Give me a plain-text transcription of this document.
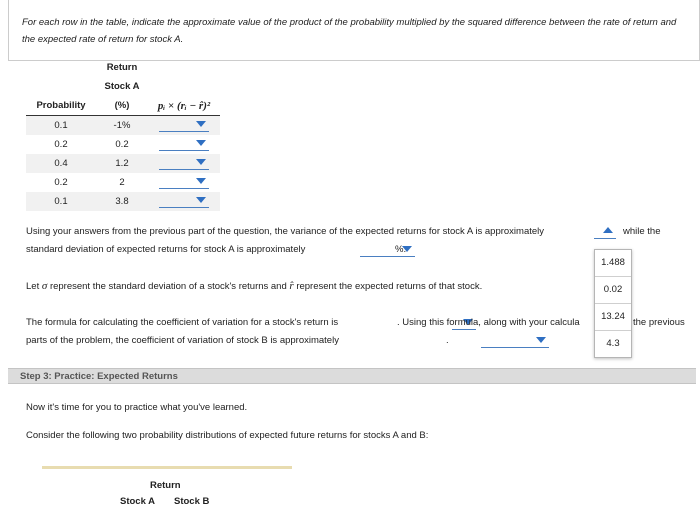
For each row in the table, indicate the approximate value of the product of the probability multiplied by the squared difference between the rate of return and the expected rate of return for stock A.
	Return	
	Stock A	
Probability	(%)	pᵢ × (rᵢ − r̂)²
0.1	-1%	

0.2	0.2	

0.4	1.2	

0.2	2	

0.1	3.8	
Using your answers from the previous part of the question, the variance of the expected returns for stock A is approximately
	while the
standard deviation of expected returns for stock A is approximately
	%.
Let σ represent the standard deviation of a stock's returns and r̂ represent the expected returns of that stock.
The formula for calculating the coefficient of variation for a stock's return is
	. Using this formula, along with your calcula	the previous
parts of the problem, the coefficient of variation of stock B is approximately	.
1.488
0.02
13.24
4.3
Step 3: Practice: Expected Returns
Now it's time for you to practice what you've learned.
Consider the following two probability distributions of expected future returns for stocks A and B:
Return
Stock A Stock B
